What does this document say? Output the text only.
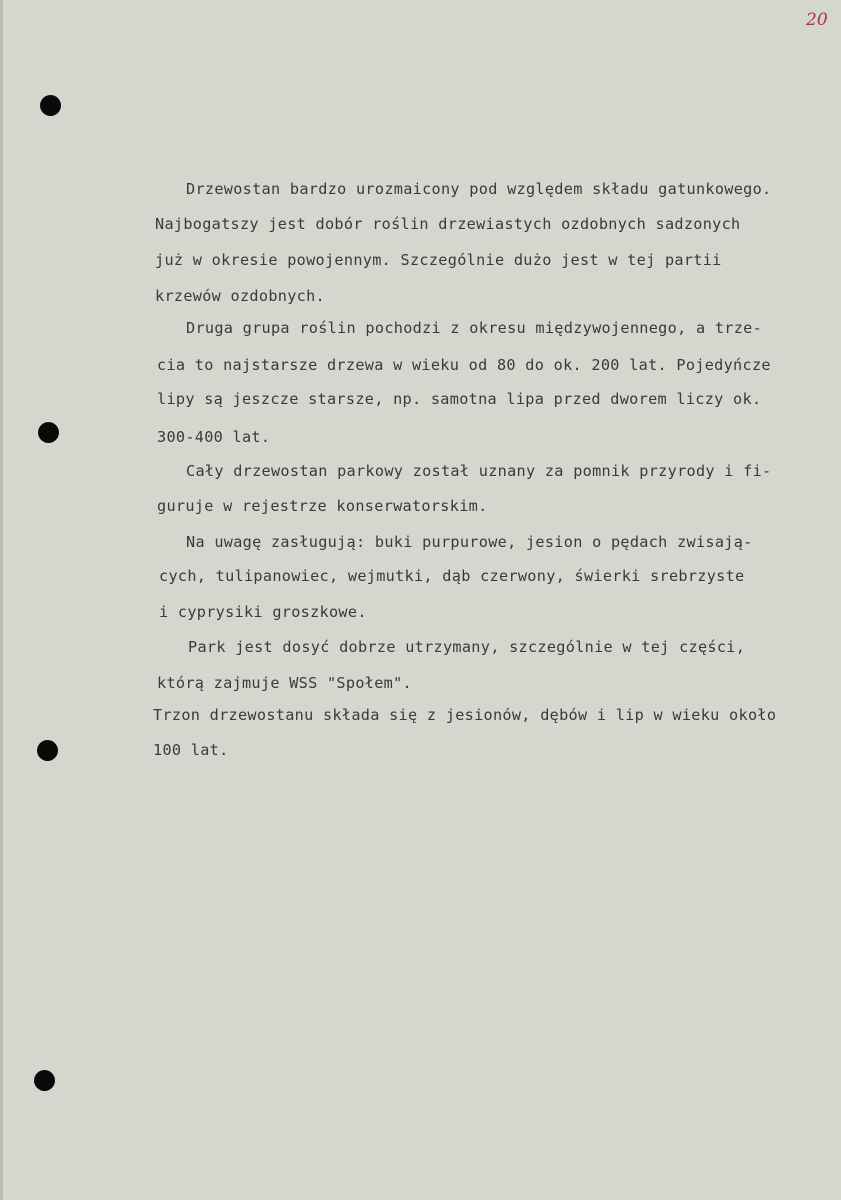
20
Drzewostan bardzo urozmaicony pod względem składu gatunkowego.
Najbogatszy jest dobór roślin drzewiastych ozdobnych sadzonych
już w okresie powojennym. Szczególnie dużo jest w tej partii
krzewów ozdobnych.
Druga grupa roślin pochodzi z okresu międzywojennego, a trze-
cia to najstarsze drzewa w wieku od 80 do ok. 200 lat. Pojedyńcze
lipy są jeszcze starsze, np. samotna lipa przed dworem liczy ok.
300-400 lat.
Cały drzewostan parkowy został uznany za pomnik przyrody i fi-
guruje w rejestrze konserwatorskim.
Na uwagę zasługują: buki purpurowe, jesion o pędach zwisają-
cych, tulipanowiec, wejmutki, dąb czerwony, świerki srebrzyste
i cyprysiki groszkowe.
Park jest dosyć dobrze utrzymany, szczególnie w tej części,
którą zajmuje WSS "Społem".
Trzon drzewostanu składa się z jesionów, dębów i lip w wieku około
100 lat.
